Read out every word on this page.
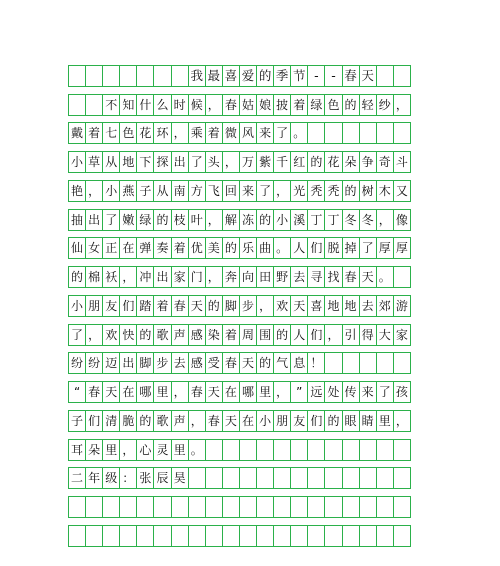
我 最 喜 爱 的 季 节 -	- 春 天
不 知 什 么 时 候 ， 春 姑 娘 披 着 绿 色 的 轻 纱 ，
戴 着 七 色 花 环 ， 乘 着 微 风 来 了 。
小 草 从 地 下 探 出 了 头 ， 万 紫 千 红 的 花 朵 争 奇 斗
艳 ， 小 燕 子 从 南 方 飞 回 来 了 ， 光 秃 秃 的 树 木 又
抽 出 了 嫩 绿 的 枝 叶 ， 解 冻 的 小 溪 丁 丁 冬 冬 ， 像
仙 女 正 在 弹 奏 着 优 美 的 乐 曲 。 人 们 脱 掉 了 厚 厚
的 棉 袄 ， 冲 出 家 门 ， 奔 向 田 野 去 寻 找 春 天 。
小 朋 友 们 踏 着 春 天 的 脚 步 ， 欢 天 喜 地 地 去 郊 游
了 ， 欢 快 的 歌 声 感 染 着 周 围 的 人 们 ， 引 得 大 家
纷 纷 迈 出 脚 步 去 感 受 春 天 的 气 息 ！
“ 春 天 在 哪 里 ， 春 天 在 哪 里 ， ” 远 处 传 来 了 孩
子 们 清 脆 的 歌 声 ， 春 天 在 小 朋 友 们 的 眼 睛 里 ，
耳 朵 里 ， 心 灵 里 。
二 年 级 ： 张 辰 昊
